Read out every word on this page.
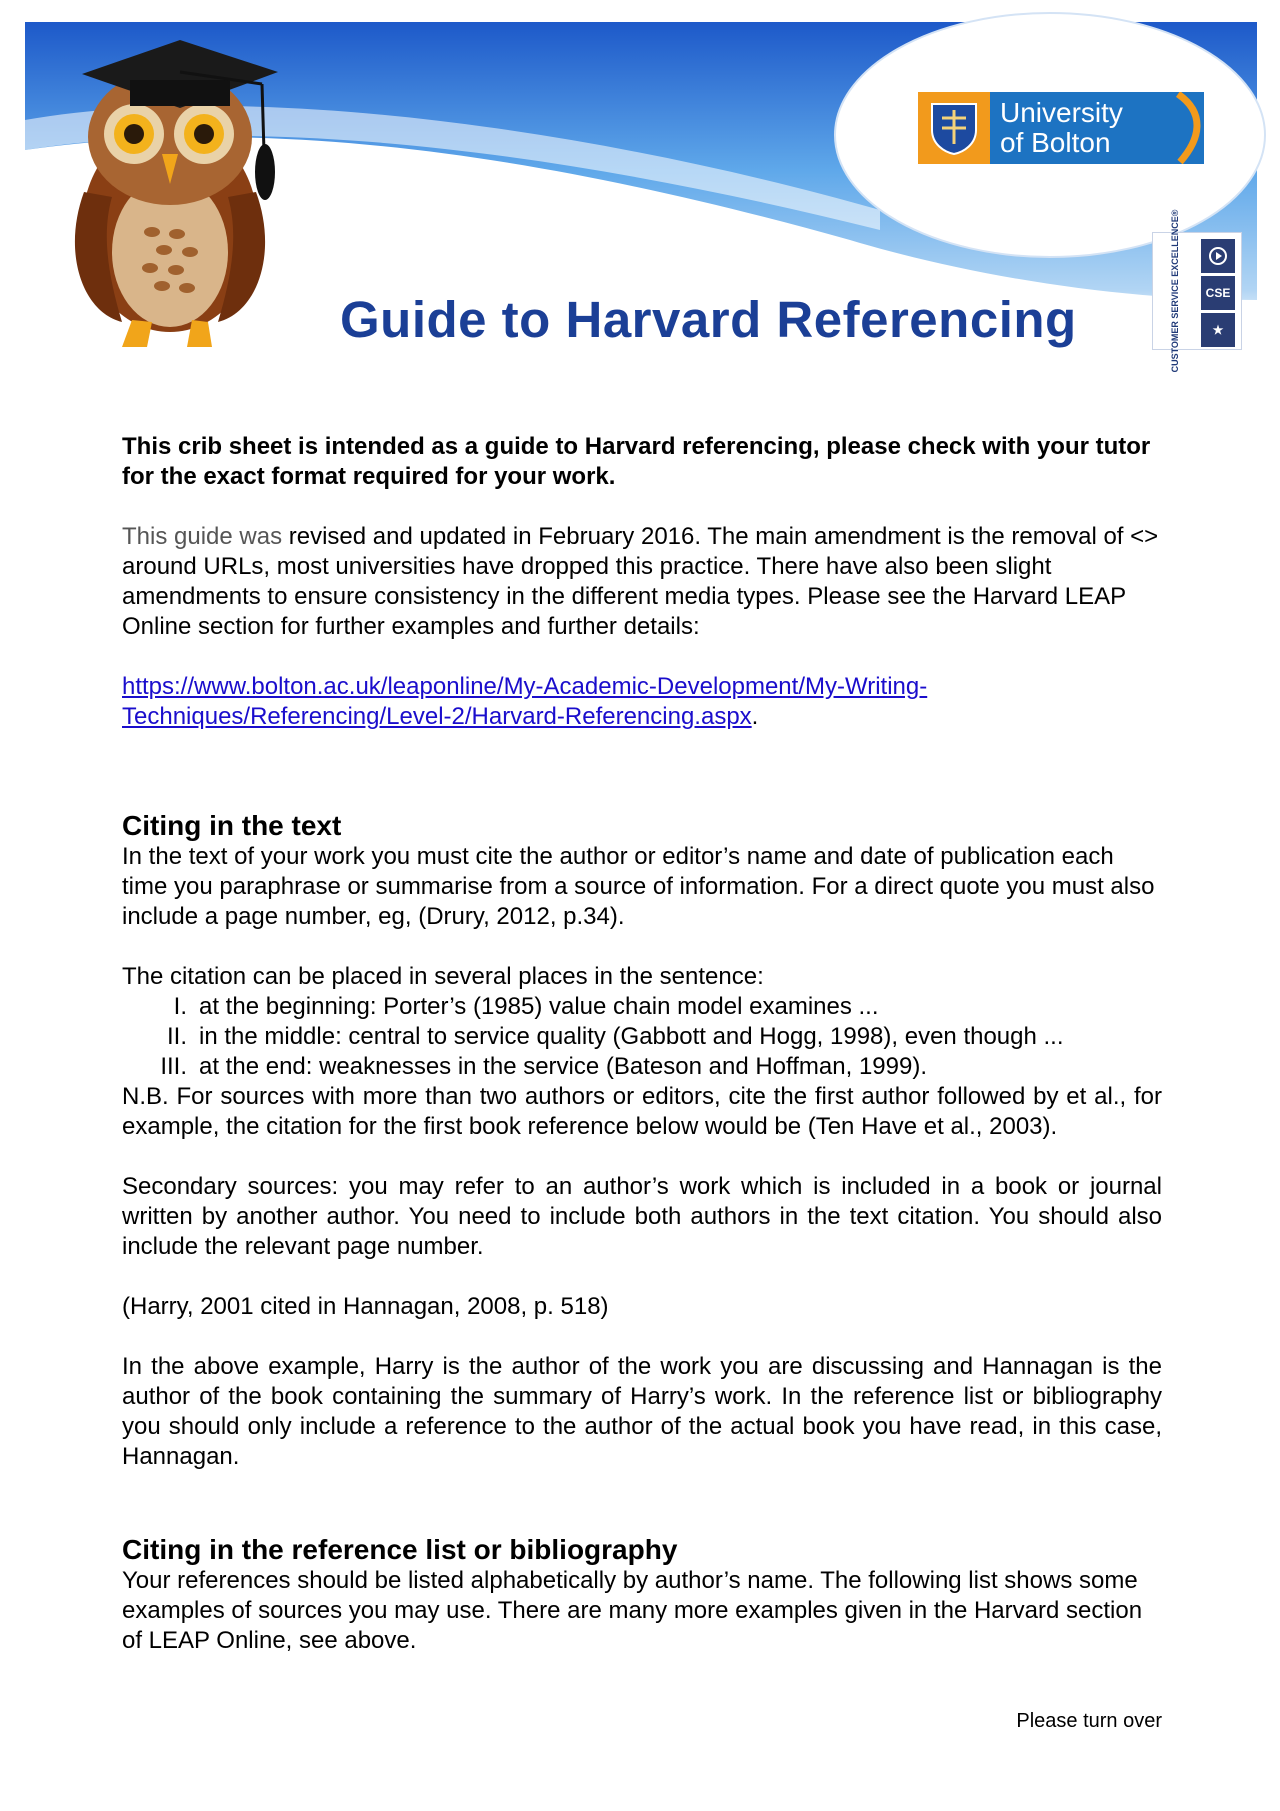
University
of Bolton
CUSTOMER SERVICE EXCELLENCE®	CSE
★
Guide to Harvard Referencing

This crib sheet is intended as a guide to Harvard referencing, please check with your tutor for the exact format required for your work.

This guide was revised and updated in February 2016. The main amendment is the removal of <> around URLs, most universities have dropped this practice. There have also been slight amendments to ensure consistency in the different media types. Please see the Harvard LEAP Online section for further examples and further details:

https://www.bolton.ac.uk/leaponline/My-Academic-Development/My-Writing-
Techniques/Referencing/Level-2/Harvard-Referencing.aspx.

Citing in the text

In the text of your work you must cite the author or editor’s name and date of publication each time you paraphrase or summarise from a source of information. For a direct quote you must also include a page number, eg, (Drury, 2012, p.34).

The citation can be placed in several places in the sentence:

I. at the beginning: Porter’s (1985) value chain model examines ...
II. in the middle: central to service quality (Gabbott and Hogg, 1998), even though ...
III. at the end: weaknesses in the service (Bateson and Hoffman, 1999).

N.B. For sources with more than two authors or editors, cite the first author followed by et al., for example, the citation for the first book reference below would be (Ten Have et al., 2003).

Secondary sources: you may refer to an author’s work which is included in a book or journal written by another author. You need to include both authors in the text citation. You should also include the relevant page number.

(Harry, 2001 cited in Hannagan, 2008, p. 518)

In the above example, Harry is the author of the work you are discussing and Hannagan is the author of the book containing the summary of Harry’s work. In the reference list or bibliography you should only include a reference to the author of the actual book you have read, in this case, Hannagan.

Citing in the reference list or bibliography

Your references should be listed alphabetically by author’s name. The following list shows some examples of sources you may use. There are many more examples given in the Harvard section of LEAP Online, see above.

Please turn over
